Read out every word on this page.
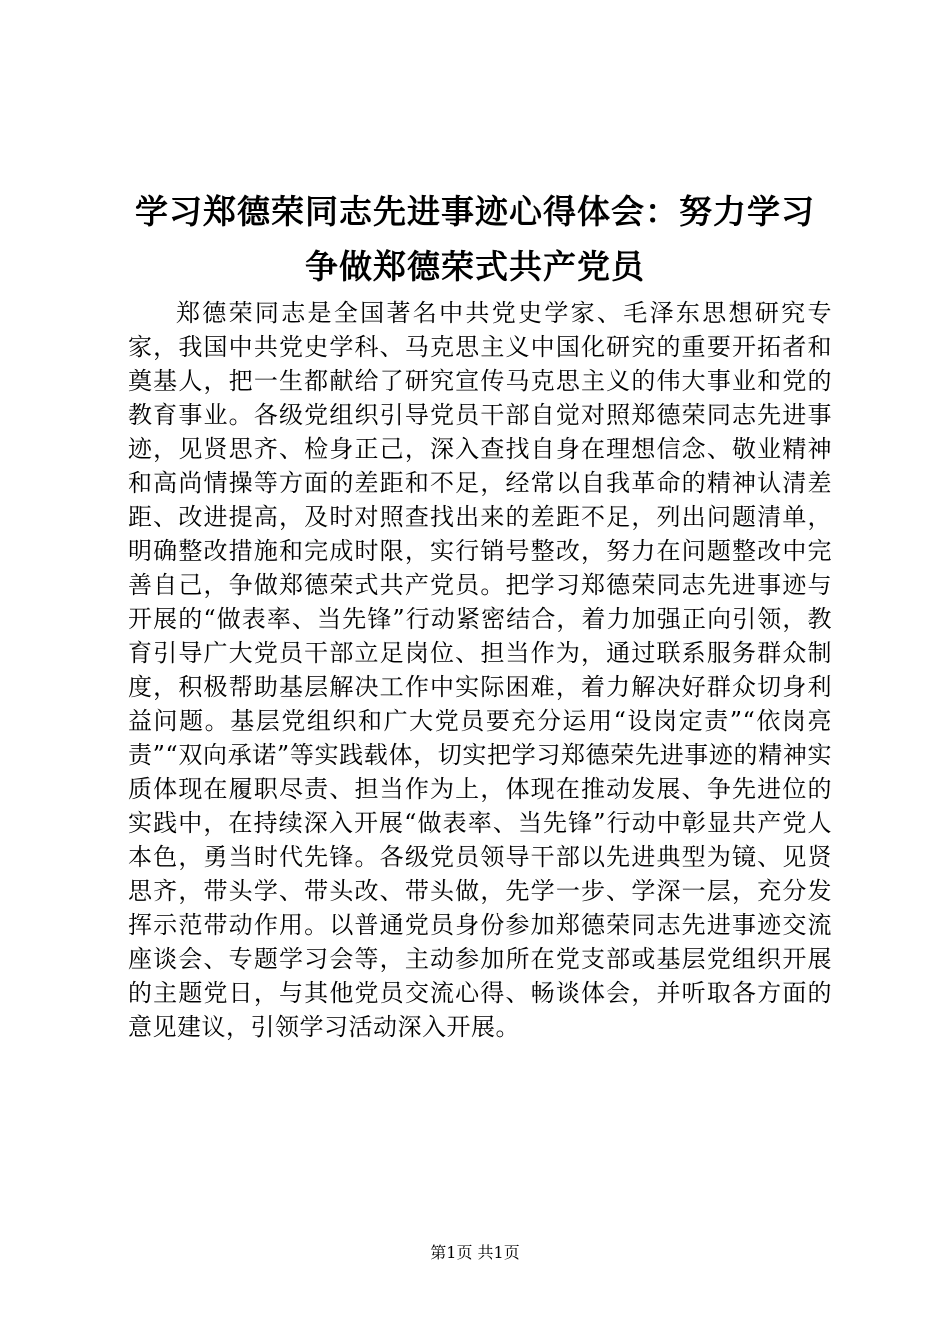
学习郑德荣同志先进事迹心得体会：努力学习
争做郑德荣式共产党员

郑德荣同志是全国著名中共党史学家、毛泽东思想研究专家，我国中共党史学科、马克思主义中国化研究的重要开拓者和奠基人，把一生都献给了研究宣传马克思主义的伟大事业和党的教育事业。各级党组织引导党员干部自觉对照郑德荣同志先进事迹，见贤思齐、检身正己，深入查找自身在理想信念、敬业精神和高尚情操等方面的差距和不足，经常以自我革命的精神认清差距、改进提高，及时对照查找出来的差距不足，列出问题清单，明确整改措施和完成时限，实行销号整改，努力在问题整改中完善自己，争做郑德荣式共产党员。把学习郑德荣同志先进事迹与开展的“做表率、当先锋”行动紧密结合，着力加强正向引领，教育引导广大党员干部立足岗位、担当作为，通过联系服务群众制度，积极帮助基层解决工作中实际困难，着力解决好群众切身利益问题。基层党组织和广大党员要充分运用“设岗定责”“依岗亮责”“双向承诺”等实践载体，切实把学习郑德荣先进事迹的精神实质体现在履职尽责、担当作为上，体现在推动发展、争先进位的实践中，在持续深入开展“做表率、当先锋”行动中彰显共产党人本色，勇当时代先锋。各级党员领导干部以先进典型为镜、见贤思齐，带头学、带头改、带头做，先学一步、学深一层，充分发挥示范带动作用。以普通党员身份参加郑德荣同志先进事迹交流座谈会、专题学习会等，主动参加所在党支部或基层党组织开展的主题党日，与其他党员交流心得、畅谈体会，并听取各方面的意见建议，引领学习活动深入开展。

第1页 共1页
